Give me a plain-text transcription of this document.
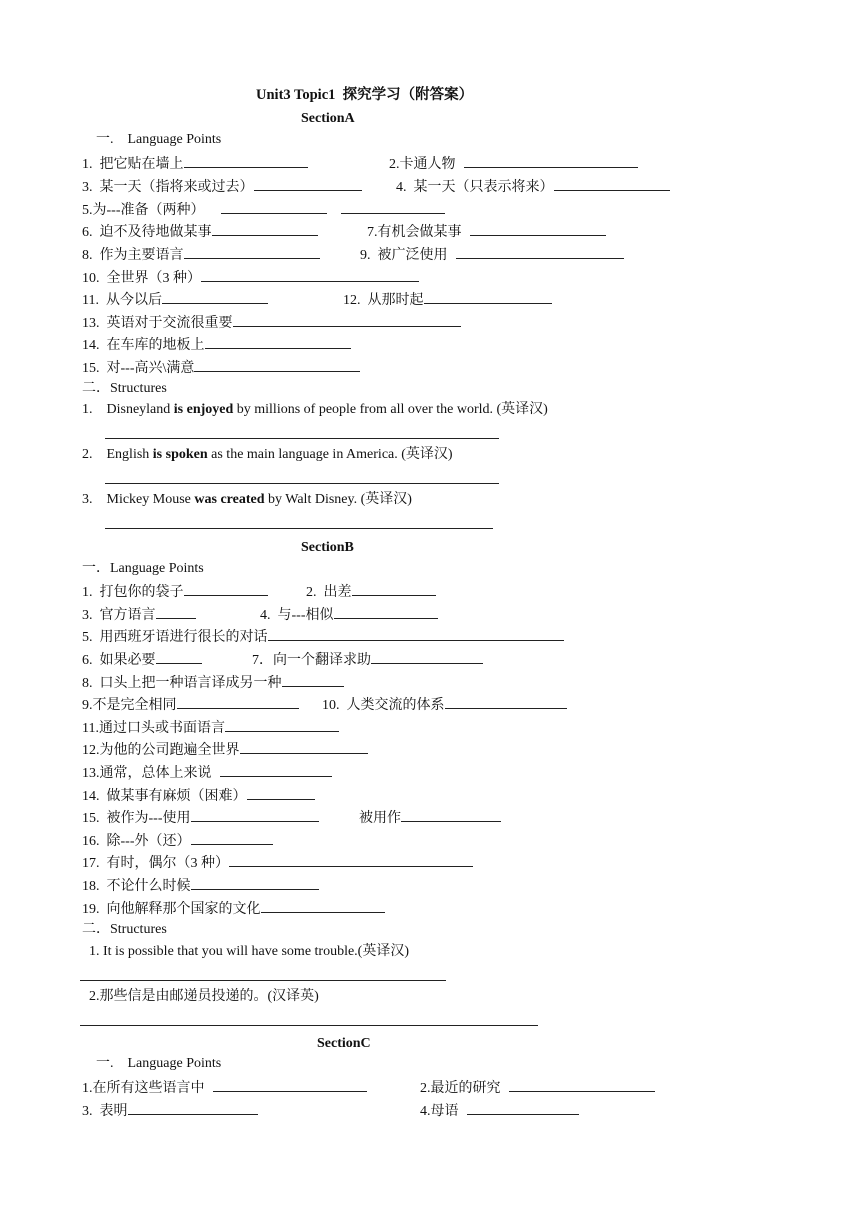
Unit3 Topic1  探究学习（附答案）
SectionA
一.    Language Points
1.  把它贴在墙上	2.卡通人物
3.  某一天（指将来或过去）	4.  某一天（只表示将来）
5.为---准备（两种）
6.  迫不及待地做某事	7.有机会做某事
8.  作为主要语言	9.  被广泛使用
10.  全世界（3 种）
11.  从今以后	12.  从那时起
13.  英语对于交流很重要
14.  在车库的地板上
15.  对---高兴\满意
二．Structures
1. Disneyland is enjoyed by millions of people from all over the world. (英译汉)
2. English is spoken as the main language in America. (英译汉)
3. Mickey Mouse was created by Walt Disney. (英译汉)
SectionB
一．Language Points
1.  打包你的袋子	2.  出差
3.  官方语言	4.  与---相似
5.  用西班牙语进行很长的对话
6.  如果必要	7．向一个翻译求助
8.  口头上把一种语言译成另一种
9.不是完全相同	10.  人类交流的体系
11.通过口头或书面语言
12.为他的公司跑遍全世界
13.通常，总体上来说
14.  做某事有麻烦（困难）
15.  被作为---使用	被用作
16.  除---外（还）
17.  有时，偶尔（3 种）
18.  不论什么时候
19.  向他解释那个国家的文化
二．Structures
1. It is possible that you will have some trouble.(英译汉)
2.那些信是由邮递员投递的。(汉译英)
SectionC
一.    Language Points
1.在所有这些语言中	2.最近的研究
3.  表明	4.母语
